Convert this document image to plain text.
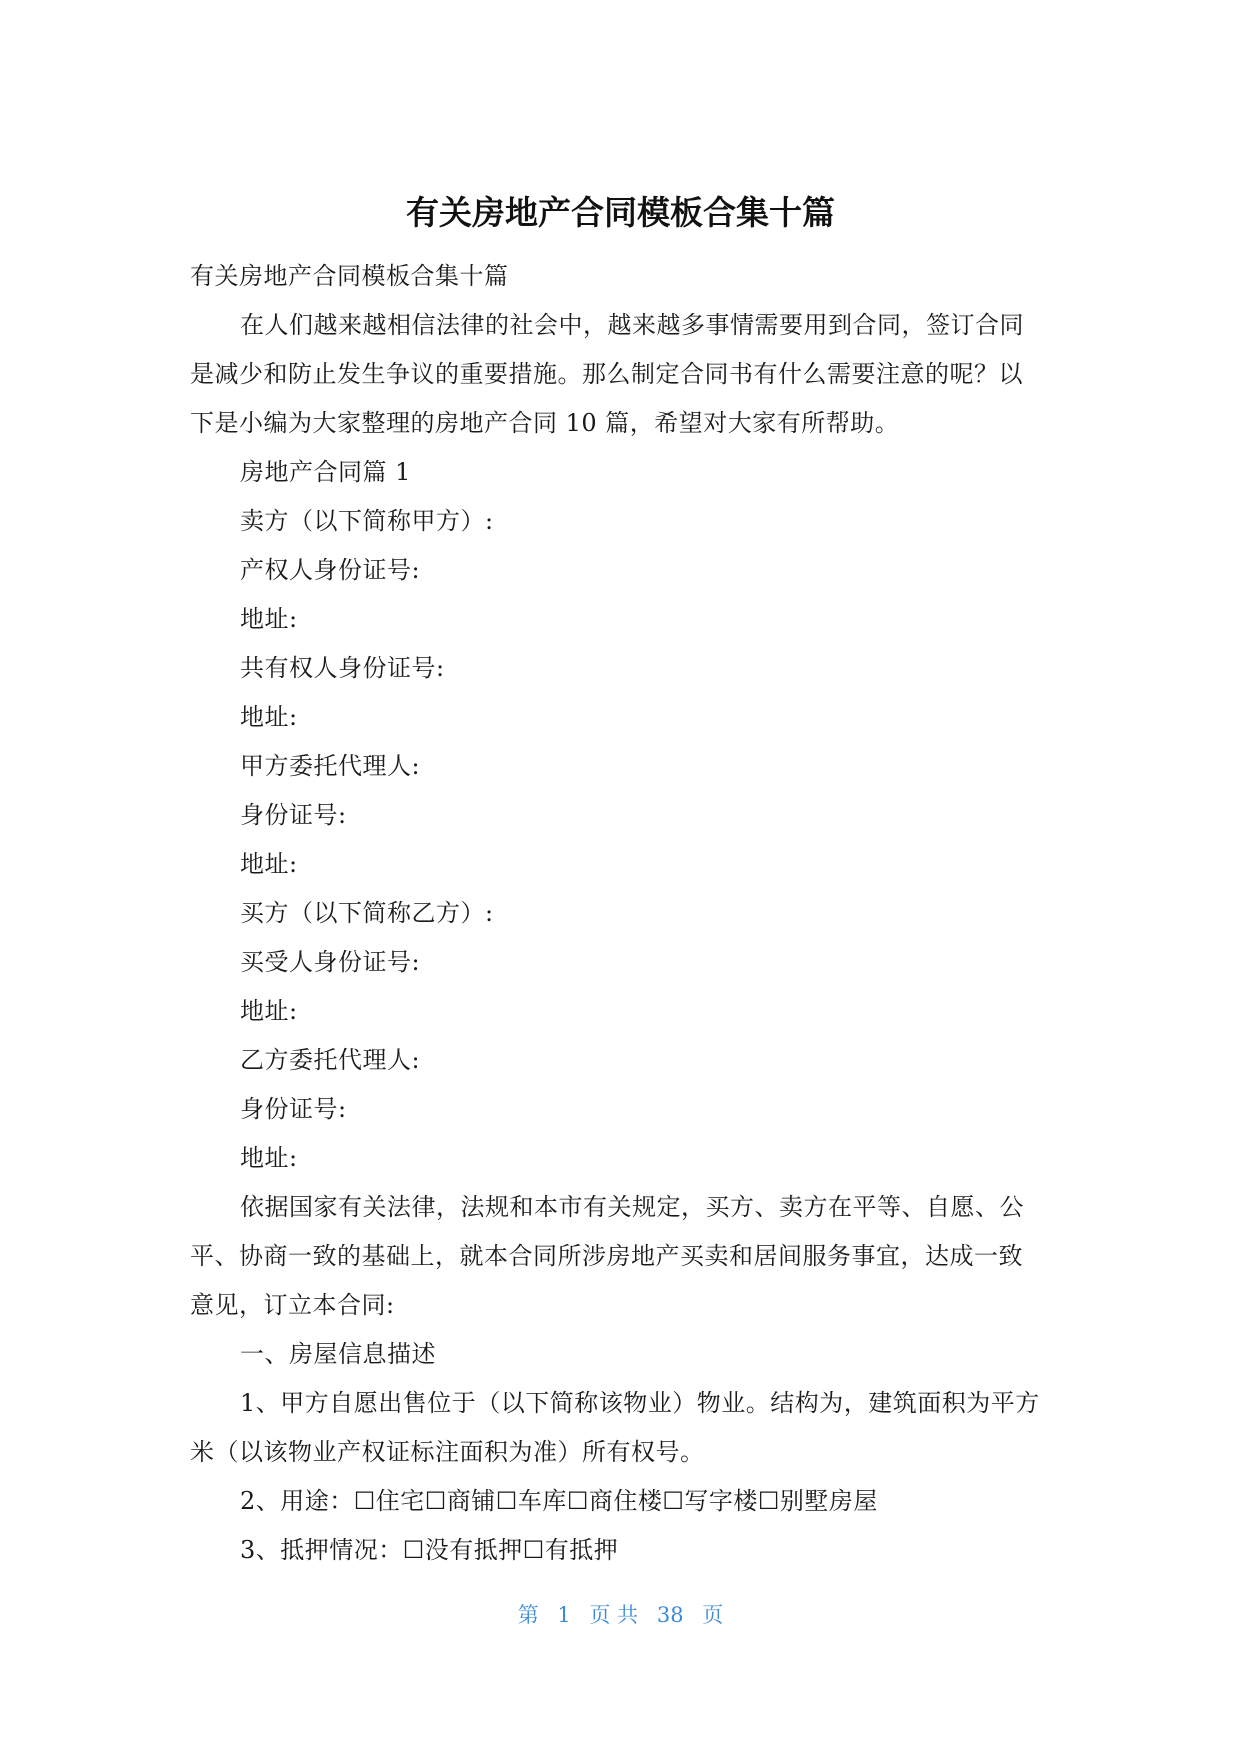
有关房地产合同模板合集十篇
有关房地产合同模板合集十篇
在人们越来越相信法律的社会中，越来越多事情需要用到合同，签订合同
是减少和防止发生争议的重要措施。那么制定合同书有什么需要注意的呢？以
下是小编为大家整理的房地产合同 10 篇，希望对大家有所帮助。
房地产合同篇 1
卖方（以下简称甲方）:
产权人身份证号:
地址:
共有权人身份证号:
地址:
甲方委托代理人:
身份证号:
地址:
买方（以下简称乙方）:
买受人身份证号:
地址:
乙方委托代理人:
身份证号:
地址:
依据国家有关法律，法规和本市有关规定，买方、卖方在平等、自愿、公
平、协商一致的基础上，就本合同所涉房地产买卖和居间服务事宜，达成一致
意见，订立本合同:
一、房屋信息描述
1、甲方自愿出售位于（以下简称该物业）物业。结构为，建筑面积为平方
米（以该物业产权证标注面积为准）所有权号。
2、用途：☐住宅☐商铺☐车库☐商住楼☐写字楼☐别墅房屋
3、抵押情况：☐没有抵押☐有抵押
第 1 页 共 38 页
